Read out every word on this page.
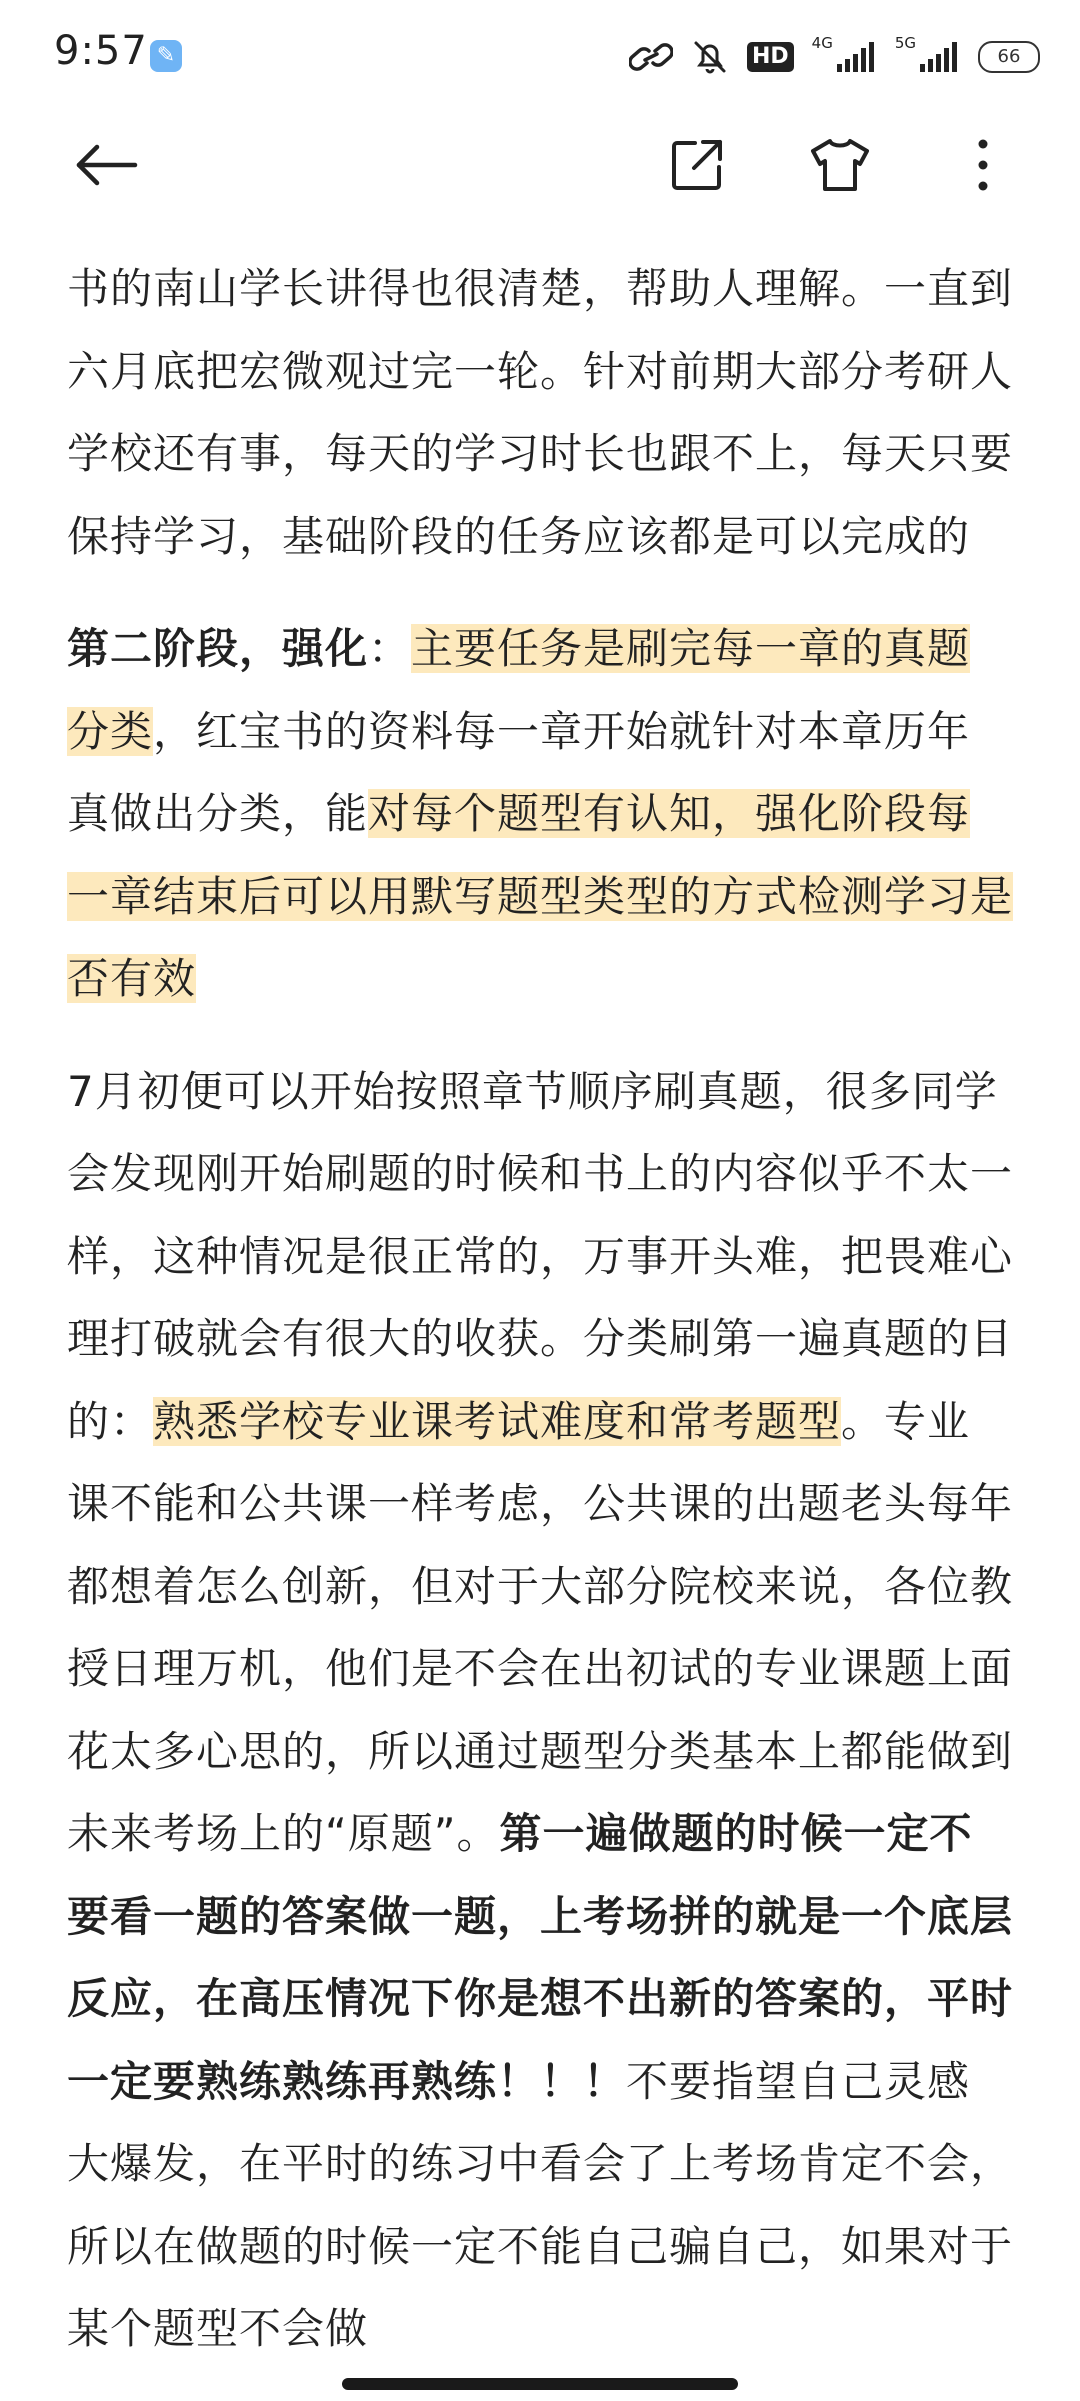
9:57 ✎	HD
4G	5G
66

书的南山学长讲得也很清楚，帮助人理解。一直到六月底把宏微观过完一轮。针对前期大部分考研人学校还有事，每天的学习时长也跟不上，每天只要保持学习，基础阶段的任务应该都是可以完成的

第二阶段，强化：主要任务是刷完每一章的真题分类，红宝书的资料每一章开始就针对本章历年真做出分类，能对每个题型有认知，强化阶段每一章结束后可以用默写题型类型的方式检测学习是否有效

7月初便可以开始按照章节顺序刷真题，很多同学会发现刚开始刷题的时候和书上的内容似乎不太一样，这种情况是很正常的，万事开头难，把畏难心理打破就会有很大的收获。分类刷第一遍真题的目的：熟悉学校专业课考试难度和常考题型。专业课不能和公共课一样考虑，公共课的出题老头每年都想着怎么创新，但对于大部分院校来说，各位教授日理万机，他们是不会在出初试的专业课题上面花太多心思的，所以通过题型分类基本上都能做到未来考场上的“原题”。第一遍做题的时候一定不要看一题的答案做一题，上考场拼的就是一个底层反应，在高压情况下你是想不出新的答案的，平时一定要熟练熟练再熟练！！！不要指望自己灵感大爆发，在平时的练习中看会了上考场肯定不会，所以在做题的时候一定不能自己骗自己，如果对于某个题型不会做
